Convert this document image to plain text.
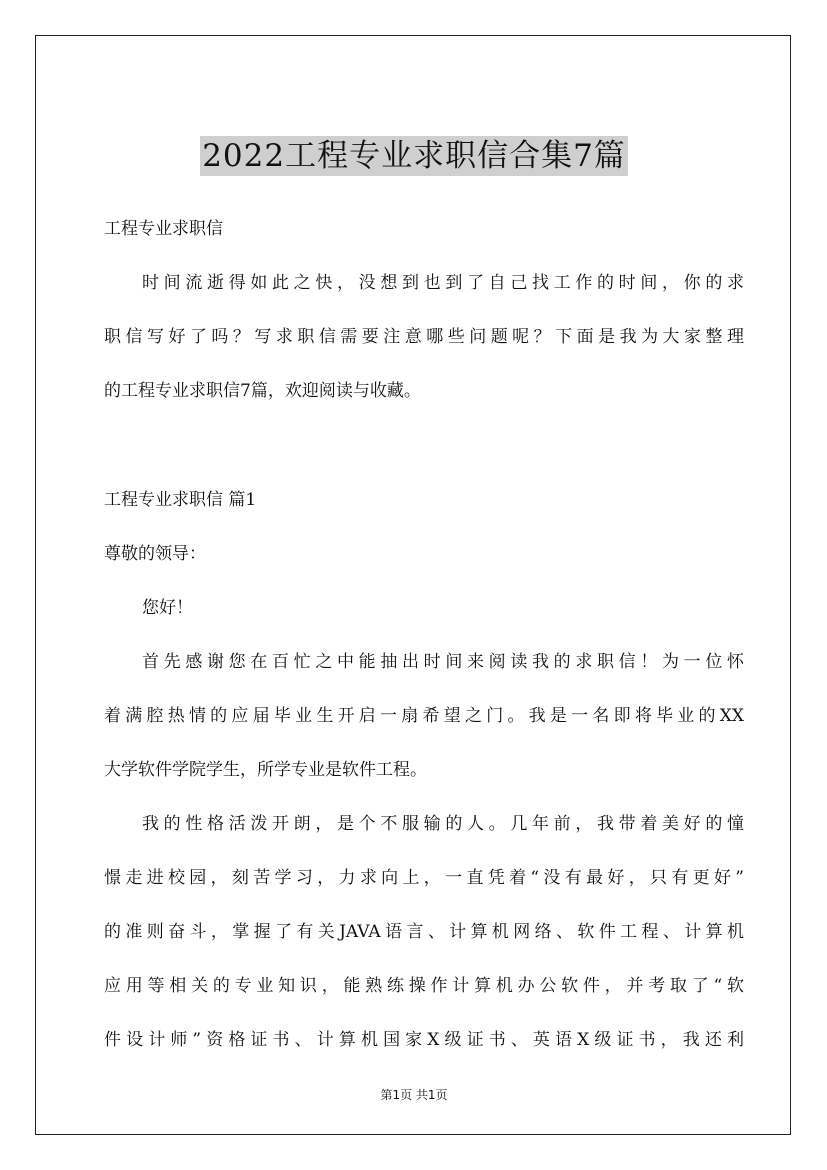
2022工程专业求职信合集7篇

工程专业求职信

时间流逝得如此之快，没想到也到了自己找工作的时间，你的求

职信写好了吗？写求职信需要注意哪些问题呢？下面是我为大家整理

的工程专业求职信7篇，欢迎阅读与收藏。

工程专业求职信 篇1

尊敬的领导：

您好！

首先感谢您在百忙之中能抽出时间来阅读我的求职信！为一位怀

着满腔热情的应届毕业生开启一扇希望之门。我是一名即将毕业的XX

大学软件学院学生，所学专业是软件工程。

我的性格活泼开朗，是个不服输的人。几年前，我带着美好的憧

憬走进校园，刻苦学习，力求向上，一直凭着“没有最好，只有更好”

的准则奋斗，掌握了有关JAVA语言、计算机网络、软件工程、计算机

应用等相关的专业知识，能熟练操作计算机办公软件，并考取了“软

件设计师”资格证书、计算机国家X级证书、英语X级证书，我还利

第1页 共1页
